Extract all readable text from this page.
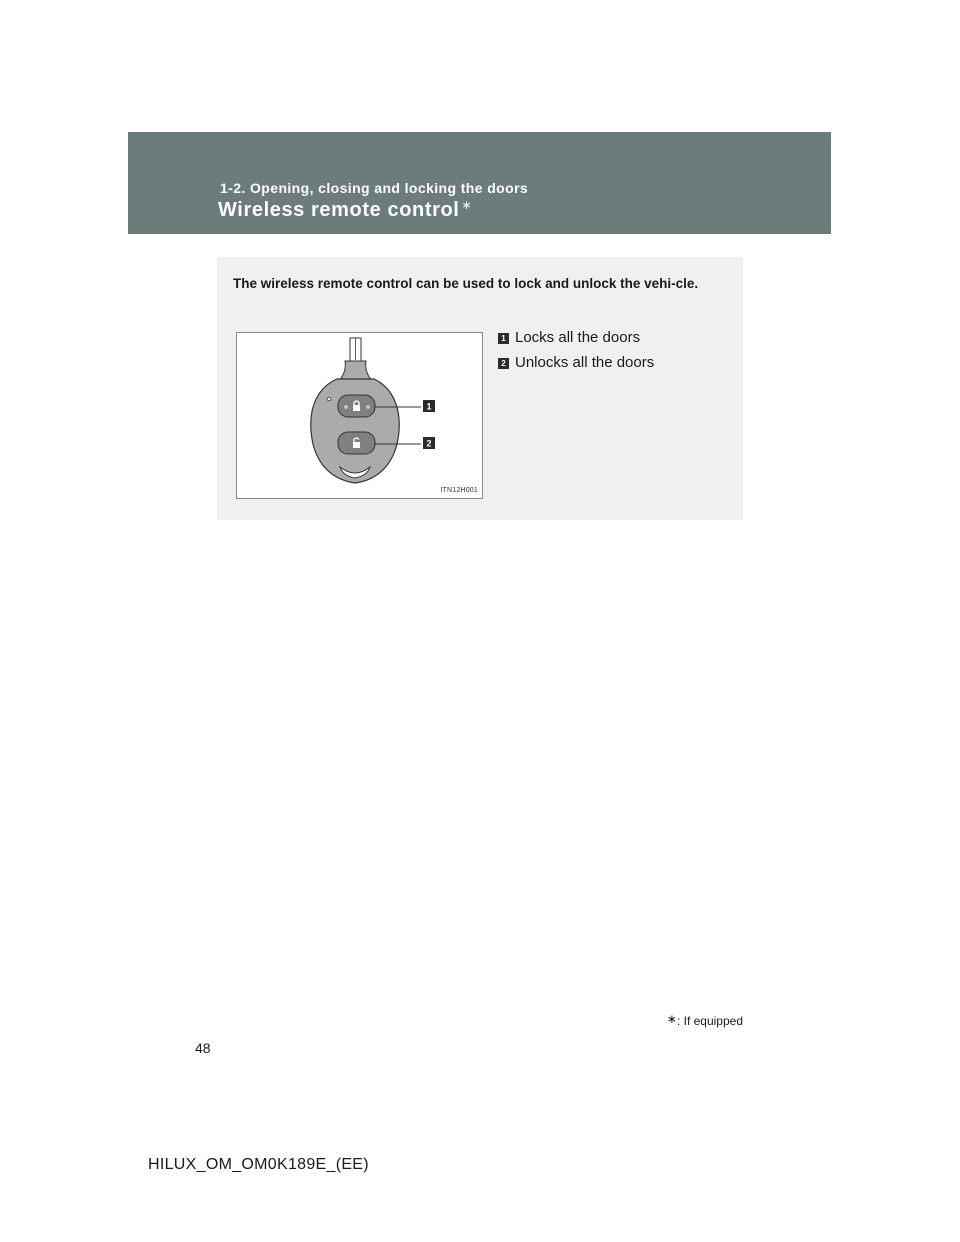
1-2. Opening, closing and locking the doors
Wireless remote control ∗
The wireless remote control can be used to lock and unlock the vehi-cle.
1
2
ITN12H001
1 Locks all the doors
2 Unlocks all the doors
∗: If equipped
48
HILUX_OM_OM0K189E_(EE)
